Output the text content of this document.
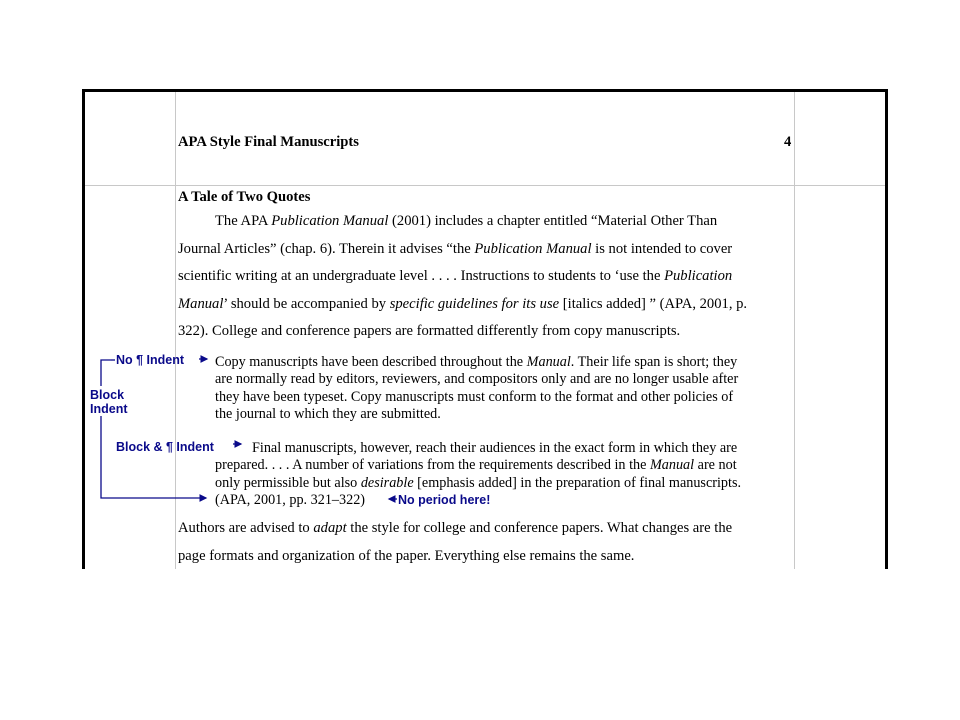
APA Style Final Manuscripts	4
A Tale of Two Quotes
The APA Publication Manual (2001) includes a chapter entitled “Material Other Than
Journal Articles” (chap. 6). Therein it advises “the Publication Manual is not intended to cover
scientific writing at an undergraduate level . . . . Instructions to students to ‘use the Publication
Manual’ should be accompanied by specific guidelines for its use [italics added] ” (APA, 2001, p.
322). College and conference papers are formatted differently from copy manuscripts.
Copy manuscripts have been described throughout the Manual. Their life span is short; they
are normally read by editors, reviewers, and compositors only and are no longer usable after
they have been typeset. Copy manuscripts must conform to the format and other policies of
the journal to which they are submitted.
Final manuscripts, however, reach their audiences in the exact form in which they are
prepared. . . . A number of variations from the requirements described in the Manual are not
only permissible but also desirable [emphasis added] in the preparation of final manuscripts.
(APA, 2001, pp. 321–322)
Authors are advised to adapt the style for college and conference papers. What changes are the
page formats and organization of the paper. Everything else remains the same.
No ¶ Indent
Block
Indent
Block & ¶ Indent
No period here!
